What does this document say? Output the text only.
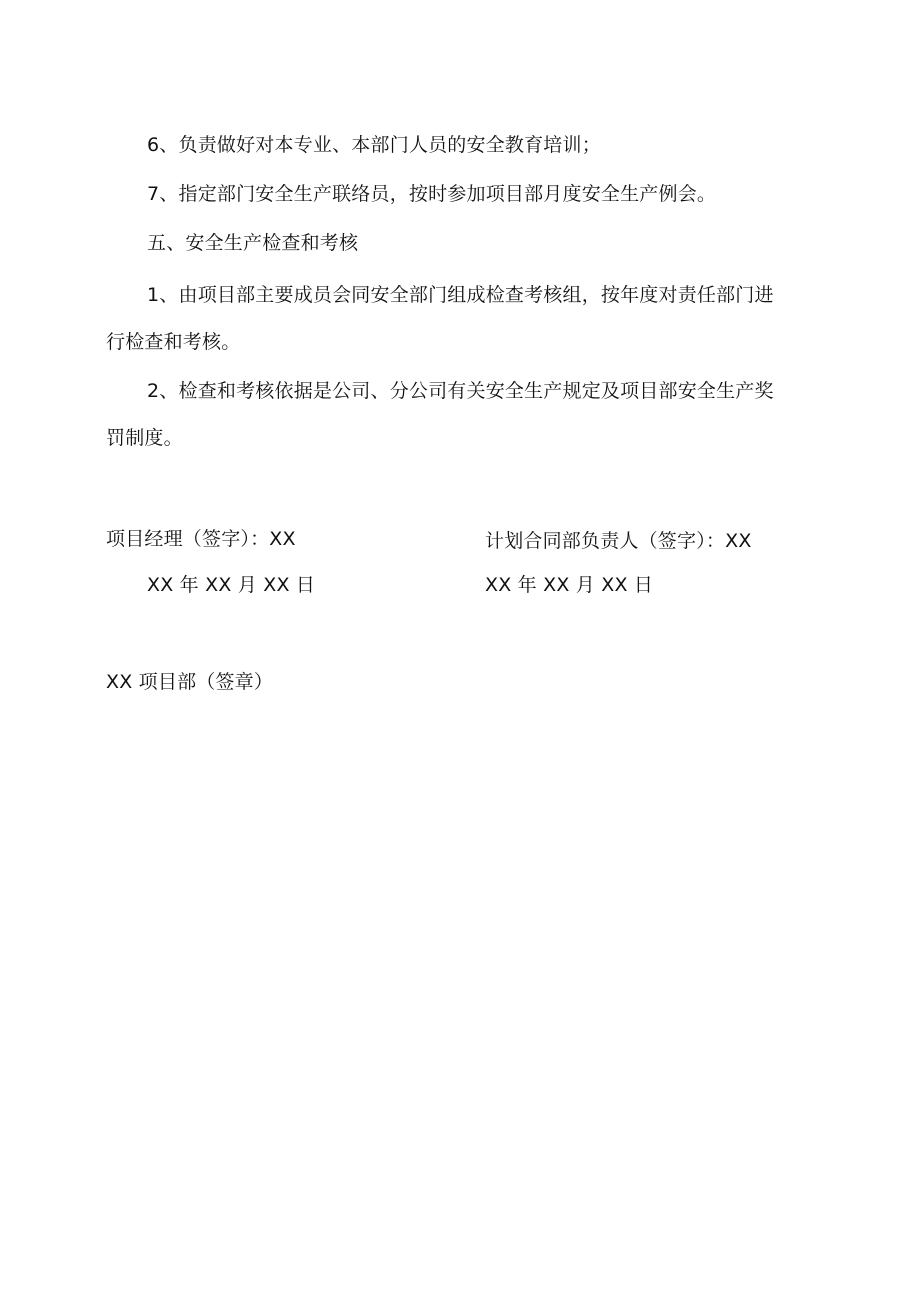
6、负责做好对本专业、本部门人员的安全教育培训；
7、指定部门安全生产联络员，按时参加项目部月度安全生产例会。
五、安全生产检查和考核
1、由项目部主要成员会同安全部门组成检查考核组，按年度对责任部门进
行检查和考核。
2、检查和考核依据是公司、分公司有关安全生产规定及项目部安全生产奖
罚制度。
项目经理（签字）：XX	计划合同部负责人（签字）：XX
XX 年 XX 月 XX 日	XX 年 XX 月 XX 日
XX 项目部（签章）
